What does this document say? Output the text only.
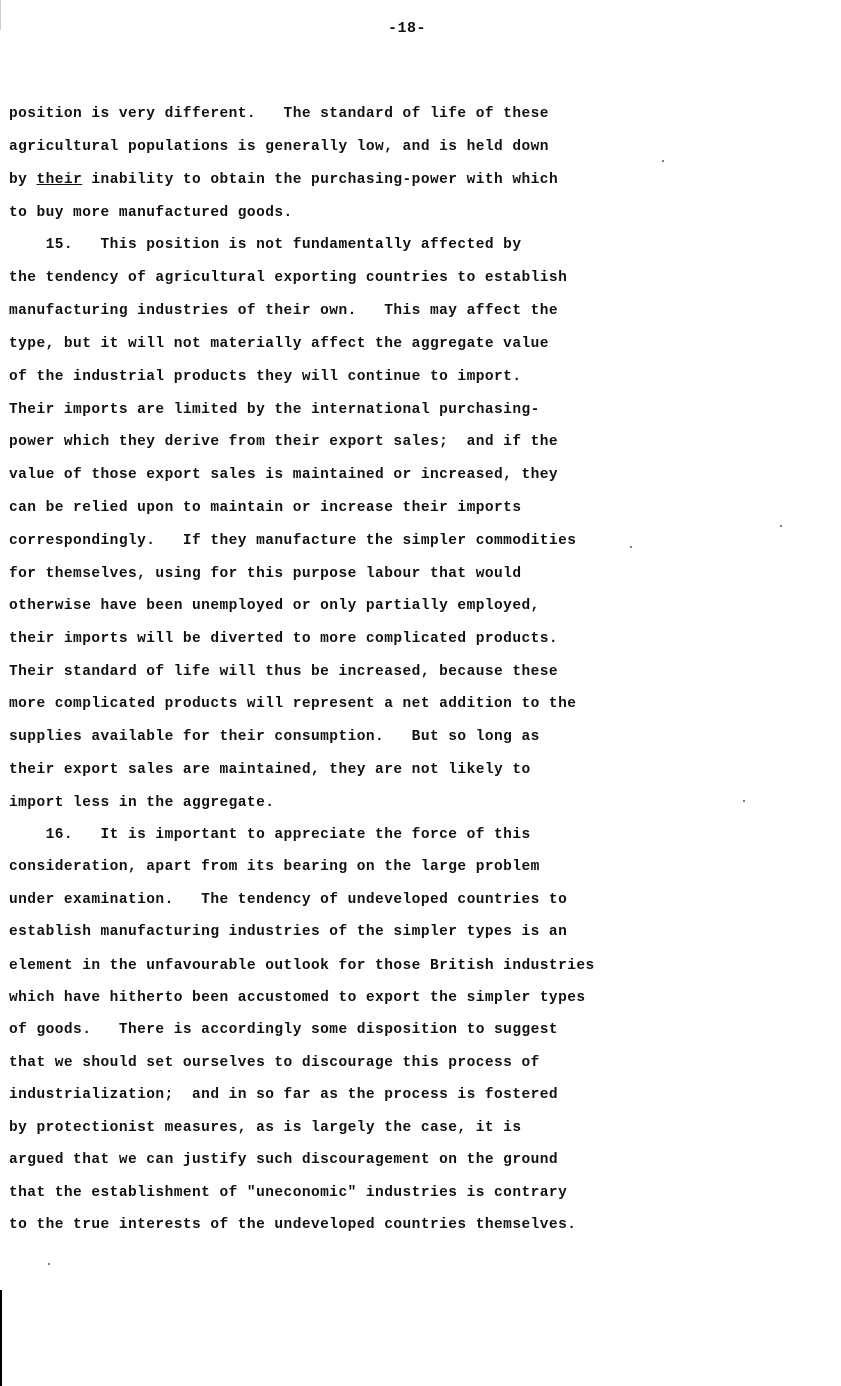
-18-
position is very different.   The standard of life of these
agricultural populations is generally low, and is held down
by their inability to obtain the purchasing-power with which
to buy more manufactured goods.
15.   This position is not fundamentally affected by
the tendency of agricultural exporting countries to establish
manufacturing industries of their own.   This may affect the
type, but it will not materially affect the aggregate value
of the industrial products they will continue to import.
Their imports are limited by the international purchasing-
power which they derive from their export sales;  and if the
value of those export sales is maintained or increased, they
can be relied upon to maintain or increase their imports
correspondingly.   If they manufacture the simpler commodities
for themselves, using for this purpose labour that would
otherwise have been unemployed or only partially employed,
their imports will be diverted to more complicated products.
Their standard of life will thus be increased, because these
more complicated products will represent a net addition to the
supplies available for their consumption.   But so long as
their export sales are maintained, they are not likely to
import less in the aggregate.
16.   It is important to appreciate the force of this
consideration, apart from its bearing on the large problem
under examination.   The tendency of undeveloped countries to
establish manufacturing industries of the simpler types is an
element in the unfavourable outlook for those British industries
which have hitherto been accustomed to export the simpler types
of goods.   There is accordingly some disposition to suggest
that we should set ourselves to discourage this process of
industrialization;  and in so far as the process is fostered
by protectionist measures, as is largely the case, it is
argued that we can justify such discouragement on the ground
that the establishment of "uneconomic" industries is contrary
to the true interests of the undeveloped countries themselves.
